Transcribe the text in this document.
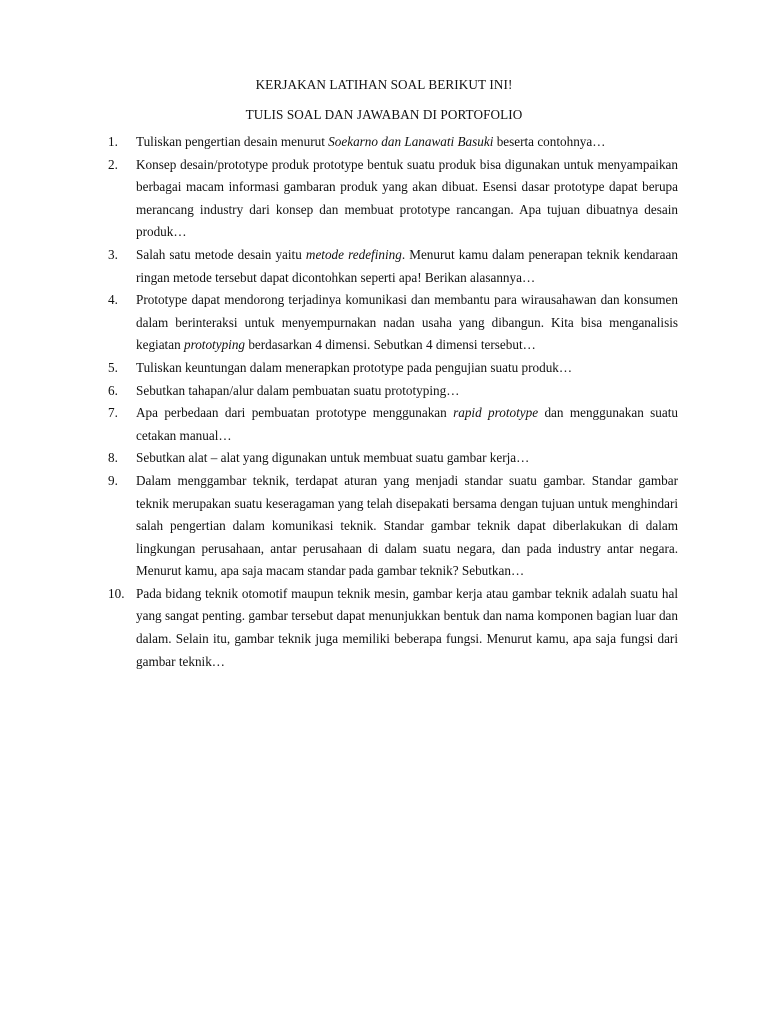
KERJAKAN LATIHAN SOAL BERIKUT INI!
TULIS SOAL DAN JAWABAN DI PORTOFOLIO
1.	Tuliskan pengertian desain menurut Soekarno dan Lanawati Basuki beserta contohnya…
2.	Konsep desain/prototype produk prototype bentuk suatu produk bisa digunakan untuk menyampaikan berbagai macam informasi gambaran produk yang akan dibuat. Esensi dasar prototype dapat berupa merancang industry dari konsep dan membuat prototype rancangan. Apa tujuan dibuatnya desain produk…
3.	Salah satu metode desain yaitu metode redefining. Menurut kamu dalam penerapan teknik kendaraan ringan metode tersebut dapat dicontohkan seperti apa! Berikan alasannya…
4.	Prototype dapat mendorong terjadinya komunikasi dan membantu para wirausahawan dan konsumen dalam berinteraksi untuk menyempurnakan nadan usaha yang dibangun. Kita bisa menganalisis kegiatan prototyping berdasarkan 4 dimensi. Sebutkan 4 dimensi tersebut…
5.	Tuliskan keuntungan dalam menerapkan prototype pada pengujian suatu produk…
6.	Sebutkan tahapan/alur dalam pembuatan suatu prototyping…
7.	Apa perbedaan dari pembuatan prototype menggunakan rapid prototype dan menggunakan suatu cetakan manual…
8.	Sebutkan alat – alat yang digunakan untuk membuat suatu gambar kerja…
9.	Dalam menggambar teknik, terdapat aturan yang menjadi standar suatu gambar. Standar gambar teknik merupakan suatu keseragaman yang telah disepakati bersama dengan tujuan untuk menghindari salah pengertian dalam komunikasi teknik. Standar gambar teknik dapat diberlakukan di dalam lingkungan perusahaan, antar perusahaan di dalam suatu negara, dan pada industry antar negara. Menurut kamu, apa saja macam standar pada gambar teknik? Sebutkan…
10. Pada bidang teknik otomotif maupun teknik mesin, gambar kerja atau gambar teknik adalah suatu hal yang sangat penting. gambar tersebut dapat menunjukkan bentuk dan nama komponen bagian luar dan dalam. Selain itu, gambar teknik juga memiliki beberapa fungsi. Menurut kamu, apa saja fungsi dari gambar teknik…
